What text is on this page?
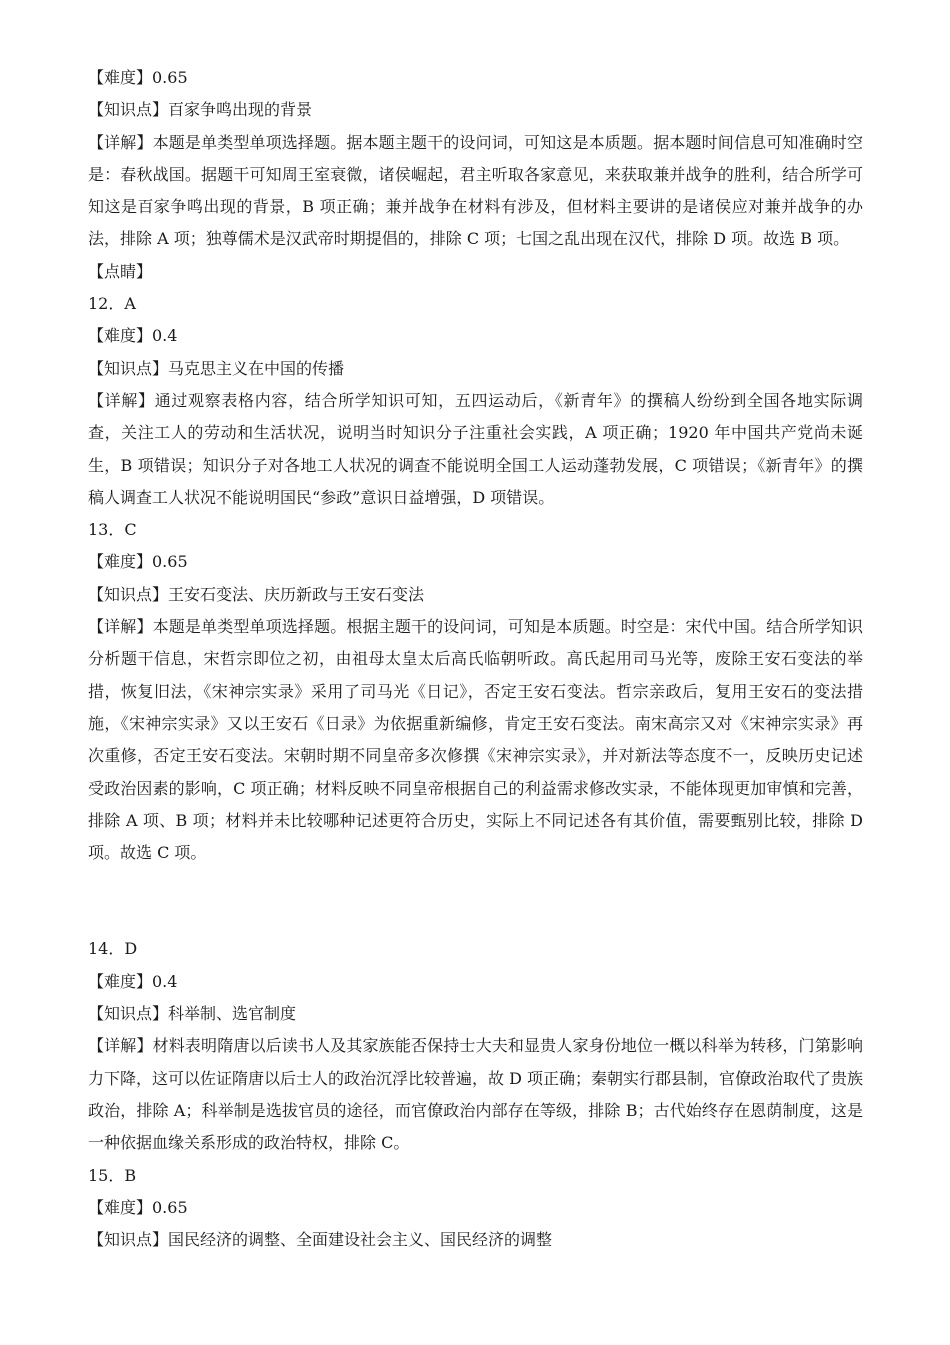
【难度】0.65

【知识点】百家争鸣出现的背景

【详解】本题是单类型单项选择题。据本题主题干的设问词，可知这是本质题。据本题时间信息可知准确时空是：春秋战国。据题干可知周王室衰微，诸侯崛起，君主听取各家意见，来获取兼并战争的胜利，结合所学可知这是百家争鸣出现的背景，B 项正确；兼并战争在材料有涉及，但材料主要讲的是诸侯应对兼并战争的办法，排除 A 项；独尊儒术是汉武帝时期提倡的，排除 C 项；七国之乱出现在汉代，排除 D 项。故选 B 项。

【点睛】

12．A

【难度】0.4

【知识点】马克思主义在中国的传播

【详解】通过观察表格内容，结合所学知识可知，五四运动后，《新青年》的撰稿人纷纷到全国各地实际调查，关注工人的劳动和生活状况，说明当时知识分子注重社会实践，A 项正确；1920 年中国共产党尚未诞生，B 项错误；知识分子对各地工人状况的调查不能说明全国工人运动蓬勃发展，C 项错误；《新青年》的撰稿人调查工人状况不能说明国民“参政”意识日益增强，D 项错误。

13．C

【难度】0.65

【知识点】王安石变法、庆历新政与王安石变法

【详解】本题是单类型单项选择题。根据主题干的设问词，可知是本质题。时空是：宋代中国。结合所学知识分析题干信息，宋哲宗即位之初，由祖母太皇太后高氏临朝听政。高氏起用司马光等，废除王安石变法的举措，恢复旧法，《宋神宗实录》采用了司马光《日记》，否定王安石变法。哲宗亲政后，复用王安石的变法措施，《宋神宗实录》又以王安石《日录》为依据重新编修，肯定王安石变法。南宋高宗又对《宋神宗实录》再次重修，否定王安石变法。宋朝时期不同皇帝多次修撰《宋神宗实录》，并对新法等态度不一，反映历史记述受政治因素的影响，C 项正确；材料反映不同皇帝根据自己的利益需求修改实录，不能体现更加审慎和完善，排除 A 项、B 项；材料并未比较哪种记述更符合历史，实际上不同记述各有其价值，需要甄别比较，排除 D 项。故选 C 项。

14．D

【难度】0.4

【知识点】科举制、选官制度

【详解】材料表明隋唐以后读书人及其家族能否保持士大夫和显贵人家身份地位一概以科举为转移，门第影响力下降，这可以佐证隋唐以后士人的政治沉浮比较普遍，故 D 项正确；秦朝实行郡县制，官僚政治取代了贵族政治，排除 A；科举制是选拔官员的途径，而官僚政治内部存在等级，排除 B；古代始终存在恩荫制度，这是一种依据血缘关系形成的政治特权，排除 C。

15．B

【难度】0.65

【知识点】国民经济的调整、全面建设社会主义、国民经济的调整
